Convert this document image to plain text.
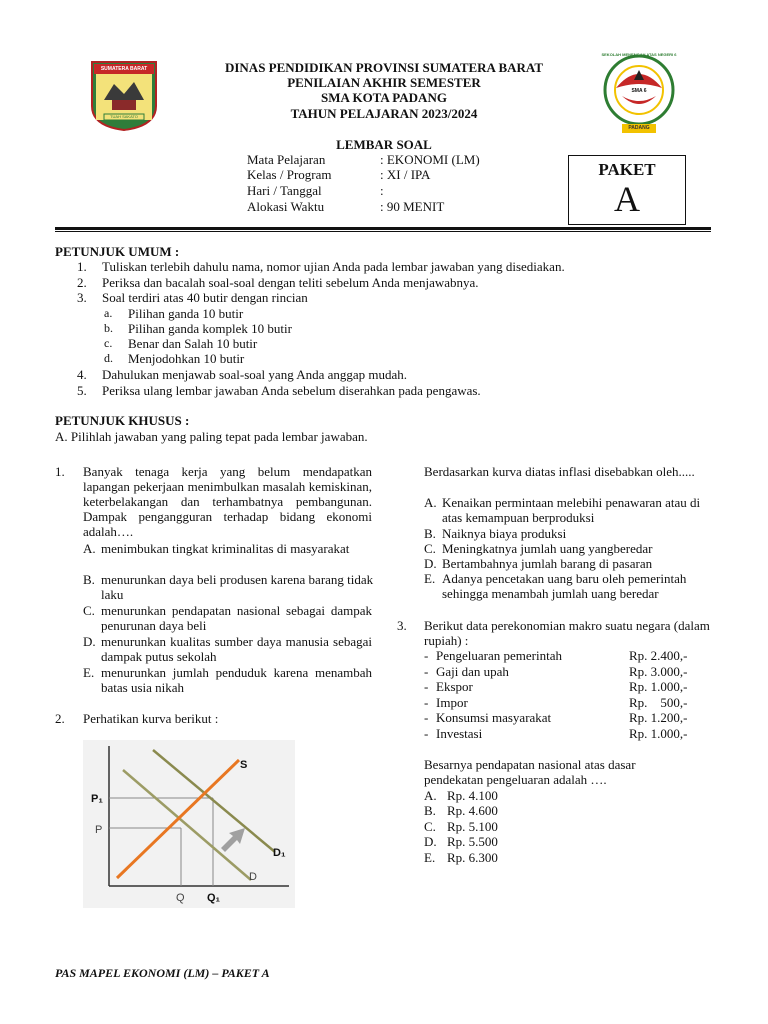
SUMATERA BARAT
TUAH SAKATO
SMA 6
PADANG
SEKOLAH MENENGAH ATAS NEGERI 6
DINAS PENDIDIKAN PROVINSI SUMATERA BARAT
PENILAIAN AKHIR SEMESTER
SMA KOTA PADANG
TAHUN PELAJARAN 2023/2024
LEMBAR SOAL
Mata Pelajaran	: EKONOMI (LM)
Kelas / Program	: XI / IPA
Hari / Tanggal	:
Alokasi Waktu	: 90 MENIT
PAKET
A
PETUNJUK UMUM :
1. Tuliskan terlebih dahulu nama, nomor ujian Anda pada lembar jawaban yang disediakan.
2. Periksa dan bacalah soal-soal dengan teliti sebelum Anda menjawabnya.
3. Soal terdiri atas 40 butir dengan rincian
a. Pilihan ganda 10 butir
b. Pilihan ganda komplek 10 butir
c. Benar dan Salah 10 butir
d. Menjodohkan 10 butir
4. Dahulukan menjawab soal-soal yang Anda anggap mudah.
5. Periksa ulang lembar jawaban Anda sebelum diserahkan pada pengawas.
PETUNJUK KHUSUS :
A. Pilihlah jawaban yang paling tepat pada lembar jawaban.
1. Banyak tenaga kerja yang belum mendapatkan lapangan pekerjaan menimbulkan masalah kemiskinan, keterbelakangan dan terhambatnya pembangunan. Dampak pengangguran terhadap bidang ekonomi adalah….
A. menimbukan tingkat kriminalitas di masyarakat
B. menurunkan daya beli produsen karena barang tidak laku
C. menurunkan pendapatan nasional sebagai dampak penurunan daya beli
D. menurunkan kualitas sumber daya manusia sebagai dampak putus sekolah
E. menurunkan jumlah penduduk karena menambah batas usia nikah
2. Perhatikan kurva berikut :
S
P₁
P
D₁
D
Q Q₁
Berdasarkan kurva diatas inflasi disebabkan oleh.....
A. Kenaikan permintaan melebihi penawaran atau di atas kemampuan berproduksi
B. Naiknya biaya produksi
C. Meningkatnya jumlah uang yangberedar
D. Bertambahnya jumlah barang di pasaran
E. Adanya pencetakan uang baru oleh pemerintah sehingga menambah jumlah uang beredar
3. Berikut data perekonomian makro suatu negara (dalam rupiah) :
- Pengeluaran pemerintah	Rp. 2.400,-
- Gaji dan upah	Rp. 3.000,-
- Ekspor	Rp. 1.000,-
- Impor	Rp.    500,-
- Konsumsi masyarakat	Rp. 1.200,-
- Investasi	Rp. 1.000,-
Besarnya pendapatan nasional atas dasar pendekatan pengeluaran adalah ….
A. Rp. 4.100
B. Rp. 4.600
C. Rp. 5.100
D. Rp. 5.500
E. Rp. 6.300
PAS MAPEL EKONOMI (LM) – PAKET A
